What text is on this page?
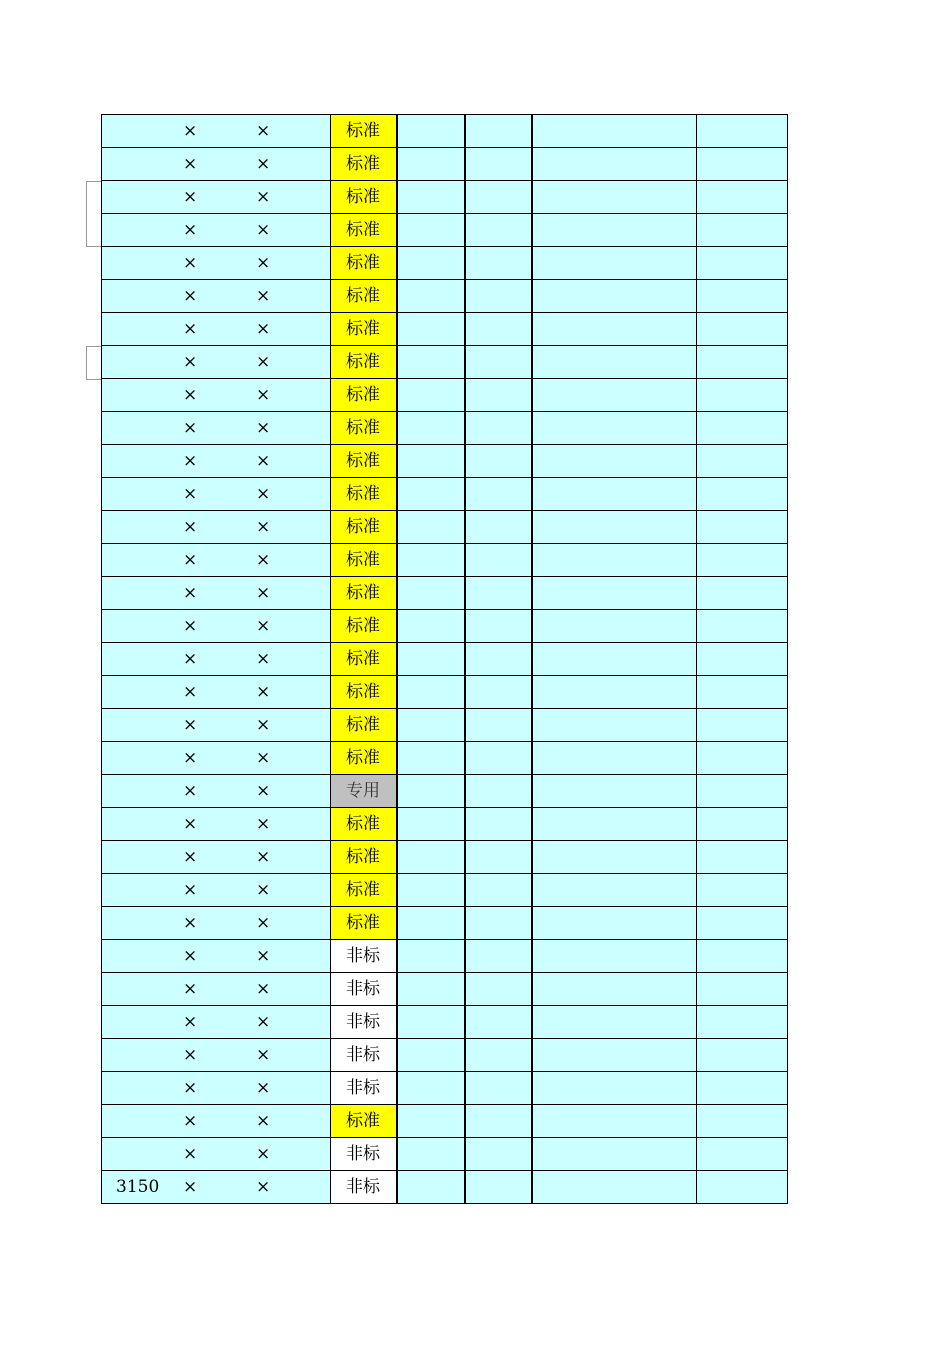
	×	×	标准				
	×	×	标准				
	×	×	标准				
	×	×	标准				
	×	×	标准				
	×	×	标准				
	×	×	标准				
	×	×	标准				
	×	×	标准				
	×	×	标准				
	×	×	标准				
	×	×	标准				
	×	×	标准				
	×	×	标准				
	×	×	标准				
	×	×	标准				
	×	×	标准				
	×	×	标准				
	×	×	标准				
	×	×	标准				
	×	×	专用				
	×	×	标准				
	×	×	标准				
	×	×	标准				
	×	×	标准				
	×	×	非标				
	×	×	非标				
	×	×	非标				
	×	×	非标				
	×	×	非标				
	×	×	标准				
	×	×	非标				
3150	×	×	非标				
